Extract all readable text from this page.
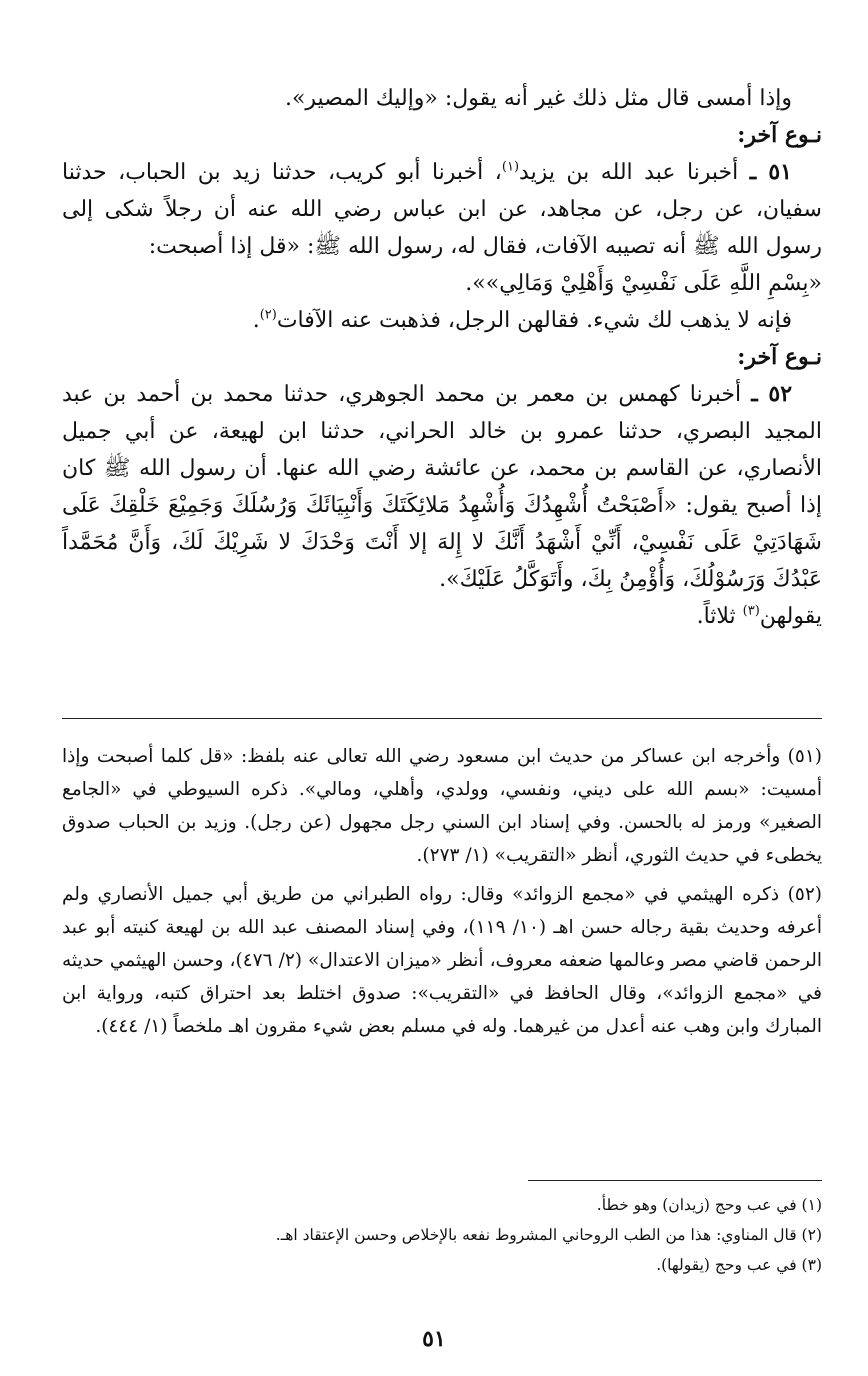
وإذا أمسى قال مثل ذلك غير أنه يقول: «وإليك المصير».

نـوع آخر:

٥١ ـ أخبرنا عبد الله بن يزيد$^{(١)}$، أخبرنا أبو كريب، حدثنا زيد بن الحباب، حدثنا سفيان، عن رجل، عن مجاهد، عن ابن عباس رضي الله عنه أن رجلاً شكى إلى رسول الله ﷺ أنه تصيبه الآفات، فقال له، رسول الله ﷺ: «قل إذا أصبحت:

«بِسْمِ اللَّهِ عَلَى نَفْسِيْ وَأَهْلِيْ وَمَالِي»».

فإنه لا يذهب لك شيء. فقالهن الرجل، فذهبت عنه الآفات$^{(٢)}$.

نـوع آخر:

٥٢ ـ أخبرنا كهمس بن معمر بن محمد الجوهري، حدثنا محمد بن أحمد بن عبد المجيد البصري، حدثنا عمرو بن خالد الحراني، حدثنا ابن لهيعة، عن أبي جميل الأنصاري، عن القاسم بن محمد، عن عائشة رضي الله عنها. أن رسول الله ﷺ كان إذا أصبح يقول: «أَصْبَحْتُ أُشْهِدُكَ وَأُشْهِدُ مَلائِكَتَكَ وَأَنْبِيَائَكَ وَرُسُلَكَ وَجَمِيْعَ خَلْقِكَ عَلَى شَهَادَتِيْ عَلَى نَفْسِيْ، أَنِّيْ أَشْهَدُ أَنَّكَ لا إِلهَ إلا أَنْتَ وَحْدَكَ لا شَرِيْكَ لَكَ، وَأَنَّ مُحَمَّداً عَبْدُكَ وَرَسُوْلُكَ، وَأُؤْمِنُ بِكَ، وأَتَوَكَّلُ عَلَيْكَ».

يقولهن$^{(٣)}$ ثلاثاً.

(٥١) وأخرجه ابن عساكر من حديث ابن مسعود رضي الله تعالى عنه بلفظ: «قل كلما أصبحت وإذا أمسيت: «بسم الله على ديني، ونفسي، وولدي، وأهلي، ومالي». ذكره السيوطي في «الجامع الصغير» ورمز له بالحسن. وفي إسناد ابن السني رجل مجهول (عن رجل). وزيد بن الحباب صدوق يخطىء في حديث الثوري، أنظر «التقريب» (١/ ٢٧٣).

(٥٢) ذكره الهيثمي في «مجمع الزوائد» وقال: رواه الطبراني من طريق أبي جميل الأنصاري ولم أعرفه وحديث بقية رجاله حسن اهـ (١٠/ ١١٩)، وفي إسناد المصنف عبد الله بن لهيعة كنيته أبو عبد الرحمن قاضي مصر وعالمها ضعفه معروف، أنظر «ميزان الاعتدال» (٢/ ٤٧٦)، وحسن الهيثمي حديثه في «مجمع الزوائد»، وقال الحافظ في «التقريب»: صدوق اختلط بعد احتراق كتبه، ورواية ابن المبارك وابن وهب عنه أعدل من غيرهما. وله في مسلم بعض شيء مقرون اهـ ملخصاً (١/ ٤٤٤).

(١) في عب وحج (زيدان) وهو خطأ.

(٢) قال المناوي: هذا من الطب الروحاني المشروط نفعه بالإخلاص وحسن الإعتقاد اهـ.

(٣) في عب وحج (يقولها).

٥١
